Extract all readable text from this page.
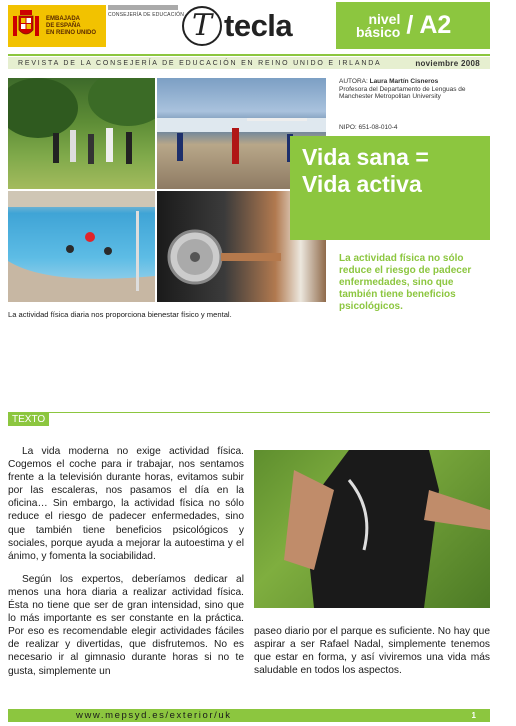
EMBAJADA
DE ESPAÑA
EN REINO UNIDO
CONSEJERÍA DE EDUCACIÓN T tecla	nivel
básico / A2
REVISTA DE LA CONSEJERÍA DE EDUCACIÓN EN REINO UNIDO E IRLANDA	noviembre 2008
La actividad física diaria nos proporciona bienestar físico y mental.
AUTORA: Laura Martín Cisneros
Profesora del Departamento de Lenguas de Manchester Metropolitan University
NIPO: 651-08-010-4
Vida sana =
Vida activa
La actividad física no sólo reduce el riesgo de padecer enfermedades, sino que también tiene beneficios psicológicos.
TEXTO

La vida moderna no exige actividad física. Cogemos el coche para ir trabajar, nos sentamos frente a la televisión durante horas, evitamos subir por las escaleras, nos pasamos el día en la oficina… Sin embargo, la actividad física no sólo reduce el riesgo de padecer enfermedades, sino que también tiene beneficios psicológicos y sociales, porque ayuda a mejorar la autoestima y el ánimo, y fomenta la sociabilidad.

Según los expertos, deberíamos dedicar al menos una hora diaria a realizar actividad física. Ésta no tiene que ser de gran intensidad, sino que lo más importante es ser constante en la práctica. Por eso es recomendable elegir actividades fáciles de realizar y divertidas, que disfrutemos. No es necesario ir al gimnasio durante horas si no te gusta, simplemente un

paseo diario por el parque es suficiente. No hay que aspirar a ser Rafael Nadal, simplemente tenemos que estar en forma, y así viviremos una vida más saludable en todos los aspectos.

www.mepsyd.es/exterior/uk	1
